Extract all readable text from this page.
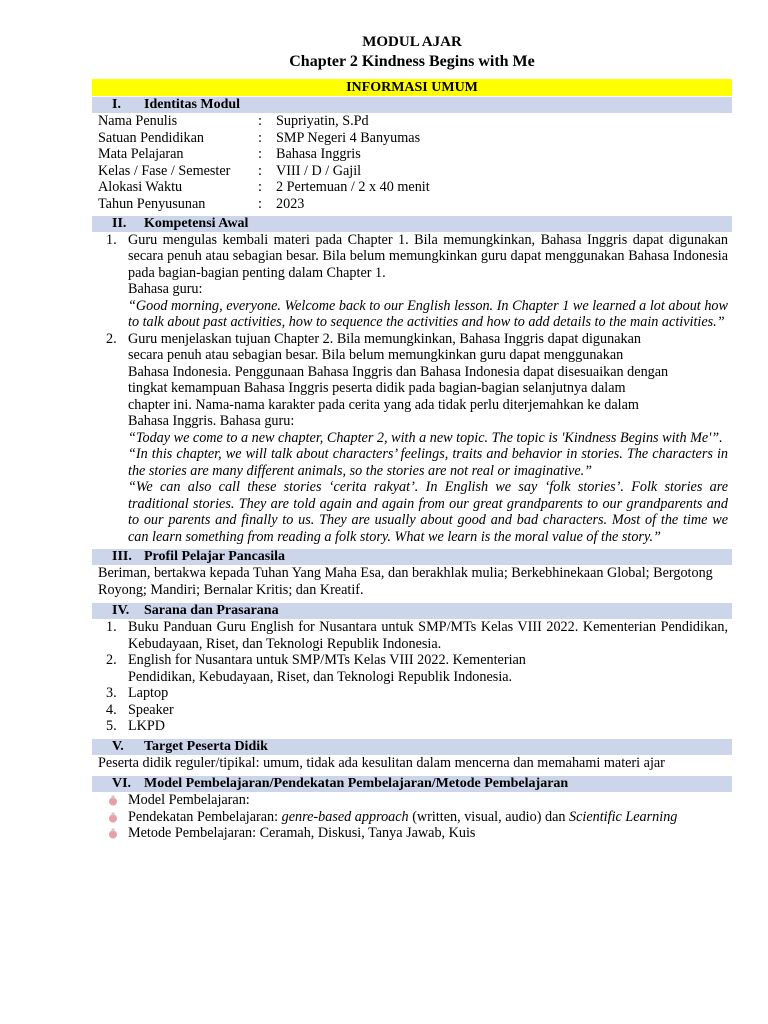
MODUL AJAR
Chapter 2 Kindness Begins with Me
INFORMASI UMUM
I. Identitas Modul
Nama Penulis	: Supriyatin, S.Pd
Satuan Pendidikan	: SMP Negeri 4 Banyumas
Mata Pelajaran	: Bahasa Inggris
Kelas / Fase / Semester : VIII / D / Gajil
Alokasi Waktu	: 2 Pertemuan / 2 x 40 menit
Tahun Penyusunan	: 2023
II. Kompetensi Awal
1. Guru mengulas kembali materi pada Chapter 1. Bila memungkinkan, Bahasa Inggris dapat digunakan secara penuh atau sebagian besar. Bila belum memungkinkan guru dapat menggunakan Bahasa Indonesia pada bagian-bagian penting dalam Chapter 1.
Bahasa guru:
“Good morning, everyone. Welcome back to our English lesson. In Chapter 1 we learned a lot about how to talk about past activities, how to sequence the activities and how to add details to the main activities.”
2. Guru menjelaskan tujuan Chapter 2. Bila memungkinkan, Bahasa Inggris dapat digunakan
secara penuh atau sebagian besar. Bila belum memungkinkan guru dapat menggunakan
Bahasa Indonesia. Penggunaan Bahasa Inggris dan Bahasa Indonesia dapat disesuaikan dengan
tingkat kemampuan Bahasa Inggris peserta didik pada bagian-bagian selanjutnya dalam
chapter ini. Nama-nama karakter pada cerita yang ada tidak perlu diterjemahkan ke dalam
Bahasa Inggris. Bahasa guru:
“Today we come to a new chapter, Chapter 2, with a new topic. The topic is 'Kindness Begins with Me'”.
“In this chapter, we will talk about characters’ feelings, traits and behavior in stories. The characters in the stories are many different animals, so the stories are not real or imaginative.”
“We can also call these stories ‘cerita rakyat’. In English we say ‘folk stories’. Folk stories are traditional stories. They are told again and again from our great grandparents to our grandparents and to our parents and finally to us. They are usually about good and bad characters. Most of the time we can learn something from reading a folk story. What we learn is the moral value of the story.”
III. Profil Pelajar Pancasila
Beriman, bertakwa kepada Tuhan Yang Maha Esa, dan berakhlak mulia; Berkebhinekaan Global; Bergotong Royong; Mandiri; Bernalar Kritis; dan Kreatif.
IV. Sarana dan Prasarana
1. Buku Panduan Guru English for Nusantara untuk SMP/MTs Kelas VIII 2022. Kementerian Pendidikan, Kebudayaan, Riset, dan Teknologi Republik Indonesia.
2. English for Nusantara untuk SMP/MTs Kelas VIII 2022. Kementerian Pendidikan, Kebudayaan, Riset, dan Teknologi Republik Indonesia.
3. Laptop
4. Speaker
5. LKPD
V. Target Peserta Didik
Peserta didik reguler/tipikal: umum, tidak ada kesulitan dalam mencerna dan memahami materi ajar
VI. Model Pembelajaran/Pendekatan Pembelajaran/Metode Pembelajaran
Model Pembelajaran:
Pendekatan Pembelajaran: genre-based approach (written, visual, audio) dan Scientific Learning
Metode Pembelajaran: Ceramah, Diskusi, Tanya Jawab, Kuis
